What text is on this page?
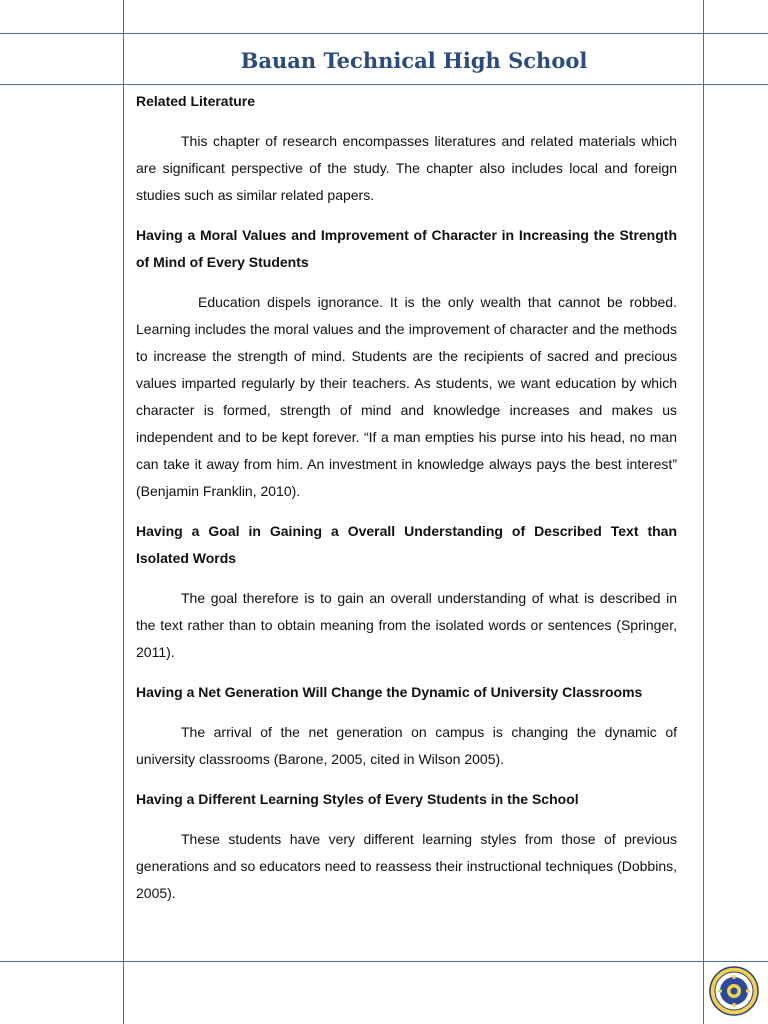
Bauan Technical High School
Related Literature

This chapter of research encompasses literatures and related materials which are significant perspective of the study. The chapter also includes local and foreign studies such as similar related papers.

Having a Moral Values and Improvement of Character in Increasing the Strength of Mind of Every Students

Education dispels ignorance. It is the only wealth that cannot be robbed. Learning includes the moral values and the improvement of character and the methods to increase the strength of mind. Students are the recipients of sacred and precious values imparted regularly by their teachers. As students, we want education by which character is formed, strength of mind and knowledge increases and makes us independent and to be kept forever. “If a man empties his purse into his head, no man can take it away from him. An investment in knowledge always pays the best interest” (Benjamin Franklin, 2010).

Having a Goal in Gaining a Overall Understanding of Described Text than Isolated Words

The goal therefore is to gain an overall understanding of what is described in the text rather than to obtain meaning from the isolated words or sentences (Springer, 2011).

Having a Net Generation Will Change the Dynamic of University Classrooms

The arrival of the net generation on campus is changing the dynamic of university classrooms (Barone, 2005, cited in Wilson 2005).

Having a Different Learning Styles of Every Students in the School

These students have very different learning styles from those of previous generations and so educators need to reassess their instructional techniques (Dobbins, 2005).
